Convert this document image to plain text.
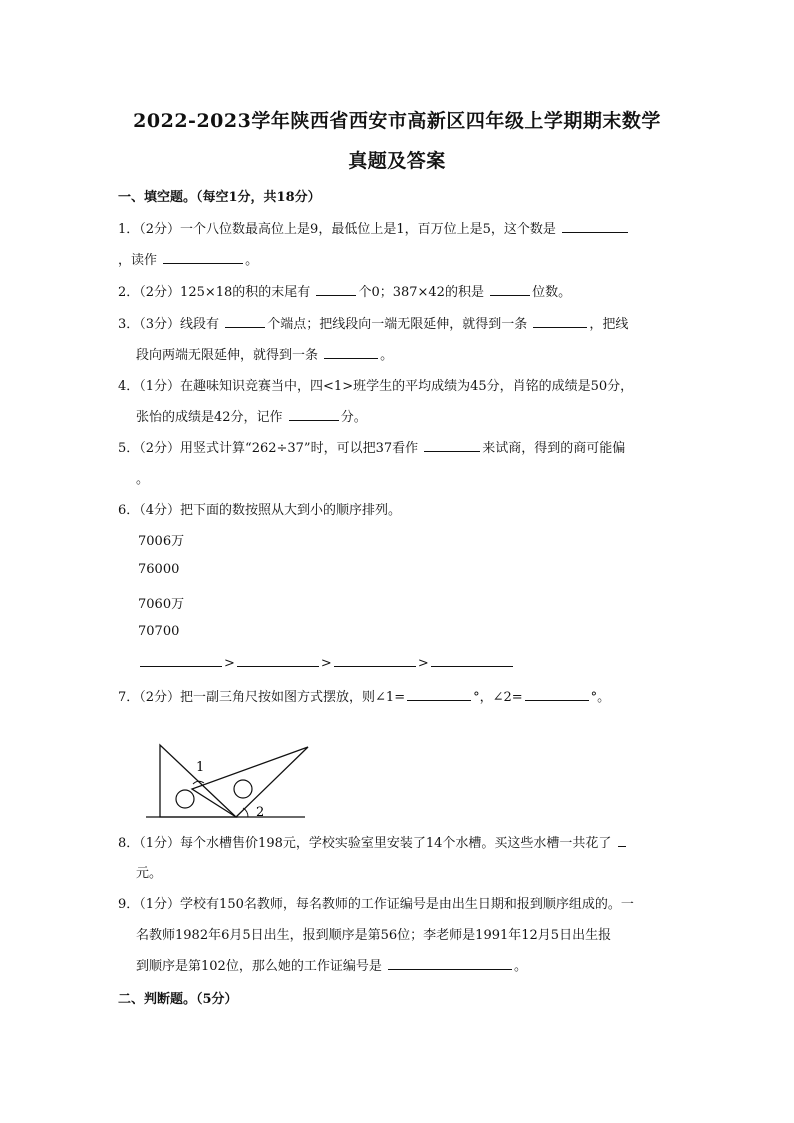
2022-2023学年陕西省西安市高新区四年级上学期期末数学
真题及答案
一、填空题。（每空1分，共18分）
1．（2分）一个八位数最高位上是9，最低位上是1，百万位上是5，这个数是
，读作	。
2．（2分）125×18的积的末尾有	个0；387×42的积是	位数。
3．（3分）线段有	个端点；把线段向一端无限延伸，就得到一条	，把线
段向两端无限延伸，就得到一条	。
4．（1分）在趣味知识竞赛当中，四<1>班学生的平均成绩为45分，肖铭的成绩是50分，
张怡的成绩是42分，记作	分。
5．（2分）用竖式计算“262÷37”时，可以把37看作	来试商，得到的商可能偏
。
6．（4分）把下面的数按照从大到小的顺序排列。
7006万
76000
7060万
70700
>	>	>
7．（2分）把一副三角尺按如图方式摆放，则∠1=	°，∠2=	°。
1
2
8．（1分）每个水槽售价198元，学校实验室里安装了14个水槽。买这些水槽一共花了
元。
9．（1分）学校有150名教师，每名教师的工作证编号是由出生日期和报到顺序组成的。一
名教师1982年6月5日出生，报到顺序是第56位；李老师是1991年12月5日出生报
到顺序是第102位，那么她的工作证编号是	。
二、判断题。（5分）
